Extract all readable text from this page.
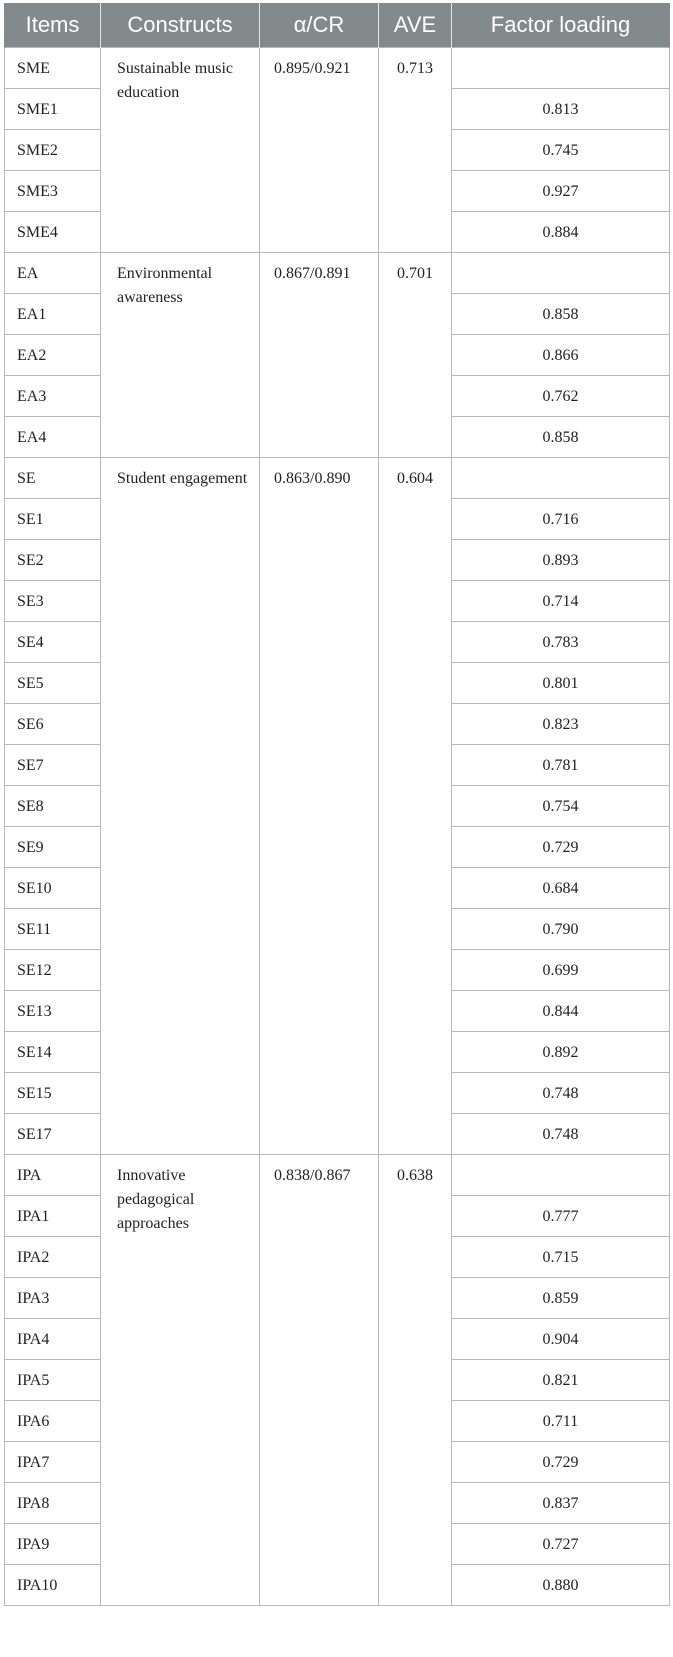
Items	Constructs	α/CR	AVE	Factor loading
SME	Sustainable music education	0.895/0.921	0.713	
SME1				0.813
SME2				0.745
SME3				0.927
SME4				0.884
EA	Environmental awareness	0.867/0.891	0.701	
EA1				0.858
EA2				0.866
EA3				0.762
EA4				0.858
SE	Student engagement	0.863/0.890	0.604	
SE1				0.716
SE2				0.893
SE3				0.714
SE4				0.783
SE5				0.801
SE6				0.823
SE7				0.781
SE8				0.754
SE9				0.729
SE10				0.684
SE11				0.790
SE12				0.699
SE13				0.844
SE14				0.892
SE15				0.748
SE17				0.748
IPA	Innovative pedagogical approaches	0.838/0.867	0.638	
IPA1				0.777
IPA2				0.715
IPA3				0.859
IPA4				0.904
IPA5				0.821
IPA6				0.711
IPA7				0.729
IPA8				0.837
IPA9				0.727
IPA10				0.880
